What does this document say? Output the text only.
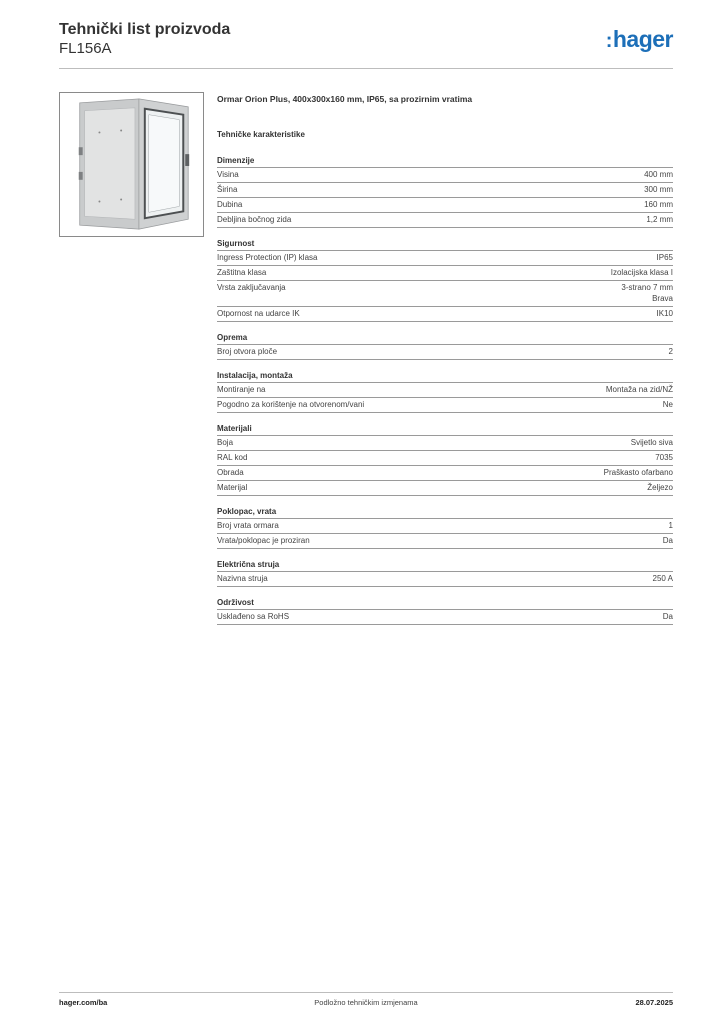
Tehnički list proizvoda
FL156A	:hager
Ormar Orion Plus, 400x300x160 mm, IP65, sa prozirnim vratima
Tehničke karakteristike
Dimenzije
Visina	400 mm
Širina	300 mm
Dubina	160 mm
Debljina bočnog zida	1,2 mm
Sigurnost
Ingress Protection (IP) klasa	IP65
Zaštitna klasa	Izolacijska klasa I
Vrsta zaključavanja	3-strano 7 mm
Brava
Otpornost na udarce IK	IK10
Oprema
Broj otvora ploče	2
Instalacija, montaža
Montiranje na	Montaža na zid/NŽ
Pogodno za korištenje na otvorenom/vani	Ne
Materijali
Boja	Svijetlo siva
RAL kod	7035
Obrada	Praškasto ofarbano
Materijal	Željezo
Poklopac, vrata
Broj vrata ormara	1
Vrata/poklopac je proziran	Da
Električna struja
Nazivna struja	250 A
Održivost
Usklađeno sa RoHS	Da
hager.com/ba	Podložno tehničkim izmjenama	28.07.2025
